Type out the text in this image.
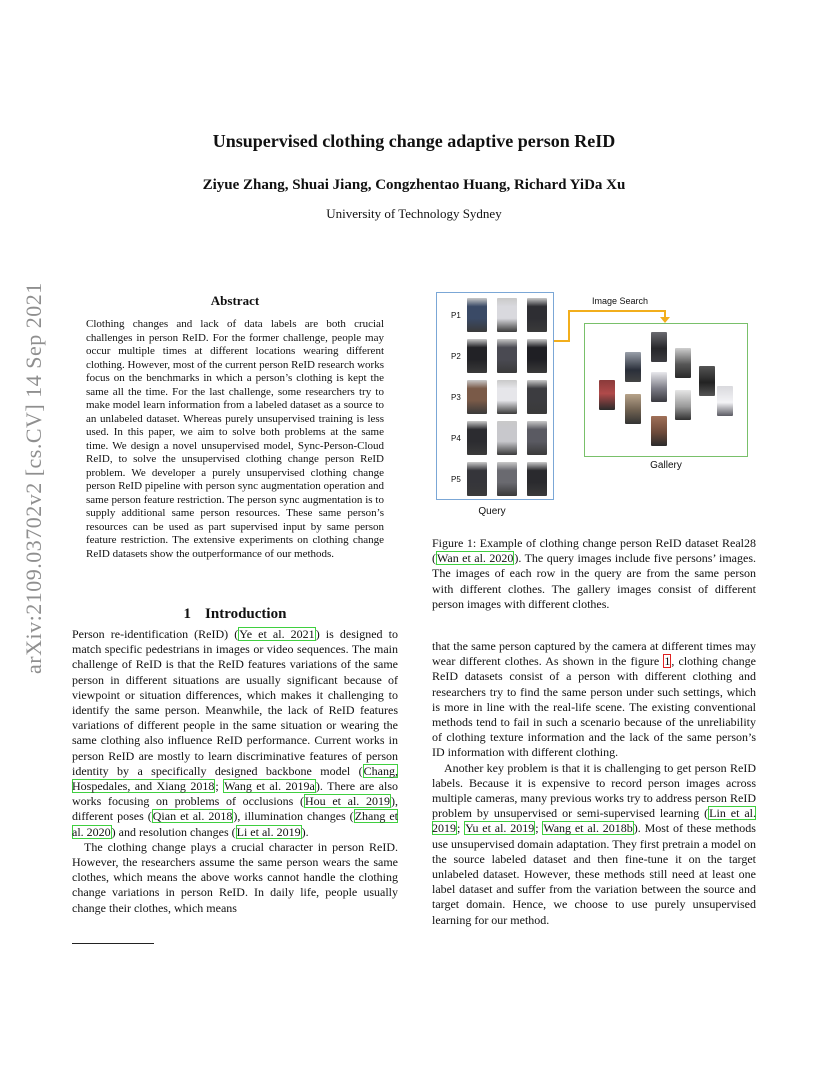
arXiv:2109.03702v2 [cs.CV] 14 Sep 2021
Unsupervised clothing change adaptive person ReID
Ziyue Zhang, Shuai Jiang, Congzhentao Huang, Richard YiDa Xu
University of Technology Sydney
Abstract
Clothing changes and lack of data labels are both crucial challenges in person ReID. For the former challenge, people may occur multiple times at different locations wearing different clothing. However, most of the current person ReID research works focus on the benchmarks in which a person’s clothing is kept the same all the time. For the last challenge, some researchers try to make model learn information from a labeled dataset as a source to an unlabeled dataset. Whereas purely unsupervised training is less used. In this paper, we aim to solve both problems at the same time. We design a novel unsupervised model, Sync-Person-Cloud ReID, to solve the unsupervised clothing change person ReID problem. We developer a purely unsupervised clothing change person ReID pipeline with person sync augmentation operation and same person feature restriction. The person sync augmentation is to supply additional same person resources. These same person’s resources can be used as part supervised input by same person feature restriction. The extensive experiments on clothing change ReID datasets show the outperformance of our methods.
1 Introduction

Person re-identification (ReID) (Ye et al. 2021) is designed to match specific pedestrians in images or video sequences. The main challenge of ReID is that the ReID features variations of the same person in different situations are usually significant because of viewpoint or situation differences, which makes it challenging to identify the same person. Meanwhile, the lack of ReID features variations of different people in the same situation or wearing the same clothing also influence ReID performance. Current works in person ReID are mostly to learn discriminative features of person identity by a specifically designed backbone model (Chang, Hospedales, and Xiang 2018; Wang et al. 2019a). There are also works focusing on problems of occlusions (Hou et al. 2019), different poses (Qian et al. 2018), illumination changes (Zhang et al. 2020) and resolution changes (Li et al. 2019).

The clothing change plays a crucial character in person ReID. However, the researchers assume the same person wears the same clothes, which means the above works cannot handle the clothing change variations in person ReID. In daily life, people usually change their clothes, which means

P1
P2
P3
P4
P5
Query
Image Search
Gallery
Figure 1: Example of clothing change person ReID dataset Real28 (Wan et al. 2020). The query images include five persons’ images. The images of each row in the query are from the same person with different clothes. The gallery images consist of different person images with different clothes.

that the same person captured by the camera at different times may wear different clothes. As shown in the figure 1, clothing change ReID datasets consist of a person with different clothing and researchers try to find the same person under such settings, which is more in line with the real-life scene. The existing conventional methods tend to fail in such a scenario because of the unreliability of clothing texture information and the lack of the same person’s ID information with different clothing.

Another key problem is that it is challenging to get person ReID labels. Because it is expensive to record person images across multiple cameras, many previous works try to address person ReID problem by unsupervised or semi-supervised learning (Lin et al. 2019; Yu et al. 2019; Wang et al. 2018b). Most of these methods use unsupervised domain adaptation. They first pretrain a model on the source labeled dataset and then fine-tune it on the target unlabeled dataset. However, these methods still need at least one label dataset and suffer from the variation between the source and target domain. Hence, we choose to use purely unsupervised learning for our method.
